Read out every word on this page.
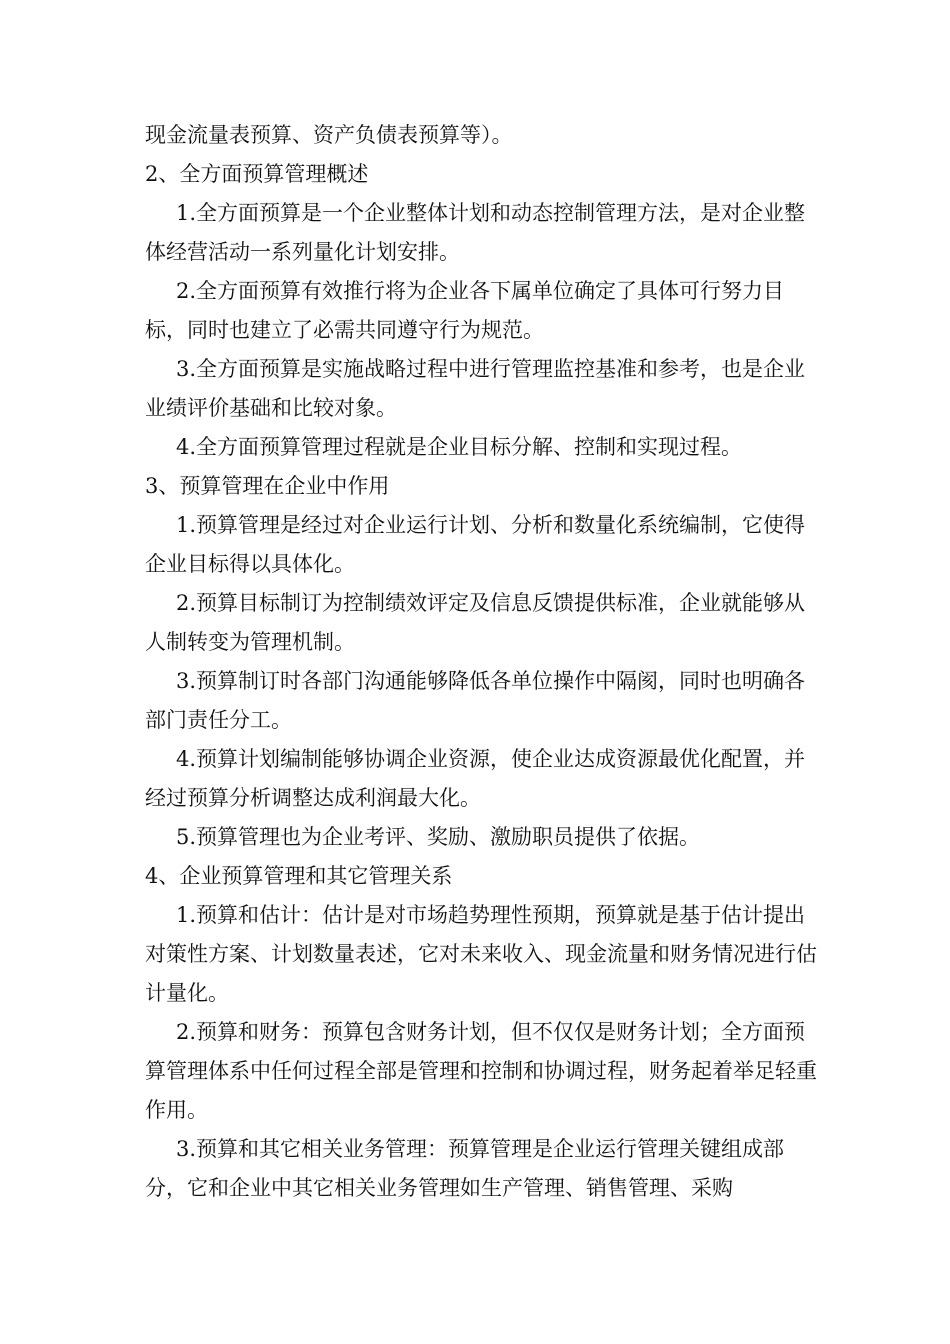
现金流量表预算、资产负债表预算等）。

2、全方面预算管理概述

1.全方面预算是一个企业整体计划和动态控制管理方法，是对企业整体经营活动一系列量化计划安排。

2.全方面预算有效推行将为企业各下属单位确定了具体可行努力目标，同时也建立了必需共同遵守行为规范。

3.全方面预算是实施战略过程中进行管理监控基准和参考，也是企业业绩评价基础和比较对象。

4.全方面预算管理过程就是企业目标分解、控制和实现过程。

3、预算管理在企业中作用

1.预算管理是经过对企业运行计划、分析和数量化系统编制，它使得企业目标得以具体化。

2.预算目标制订为控制绩效评定及信息反馈提供标准，企业就能够从人制转变为管理机制。

3.预算制订时各部门沟通能够降低各单位操作中隔阂，同时也明确各部门责任分工。

4.预算计划编制能够协调企业资源，使企业达成资源最优化配置，并经过预算分析调整达成利润最大化。

5.预算管理也为企业考评、奖励、激励职员提供了依据。

4、企业预算管理和其它管理关系

1.预算和估计：估计是对市场趋势理性预期，预算就是基于估计提出对策性方案、计划数量表述，它对未来收入、现金流量和财务情况进行估计量化。

2.预算和财务：预算包含财务计划，但不仅仅是财务计划；全方面预算管理体系中任何过程全部是管理和控制和协调过程，财务起着举足轻重作用。

3.预算和其它相关业务管理：预算管理是企业运行管理关键组成部分，它和企业中其它相关业务管理如生产管理、销售管理、采购
